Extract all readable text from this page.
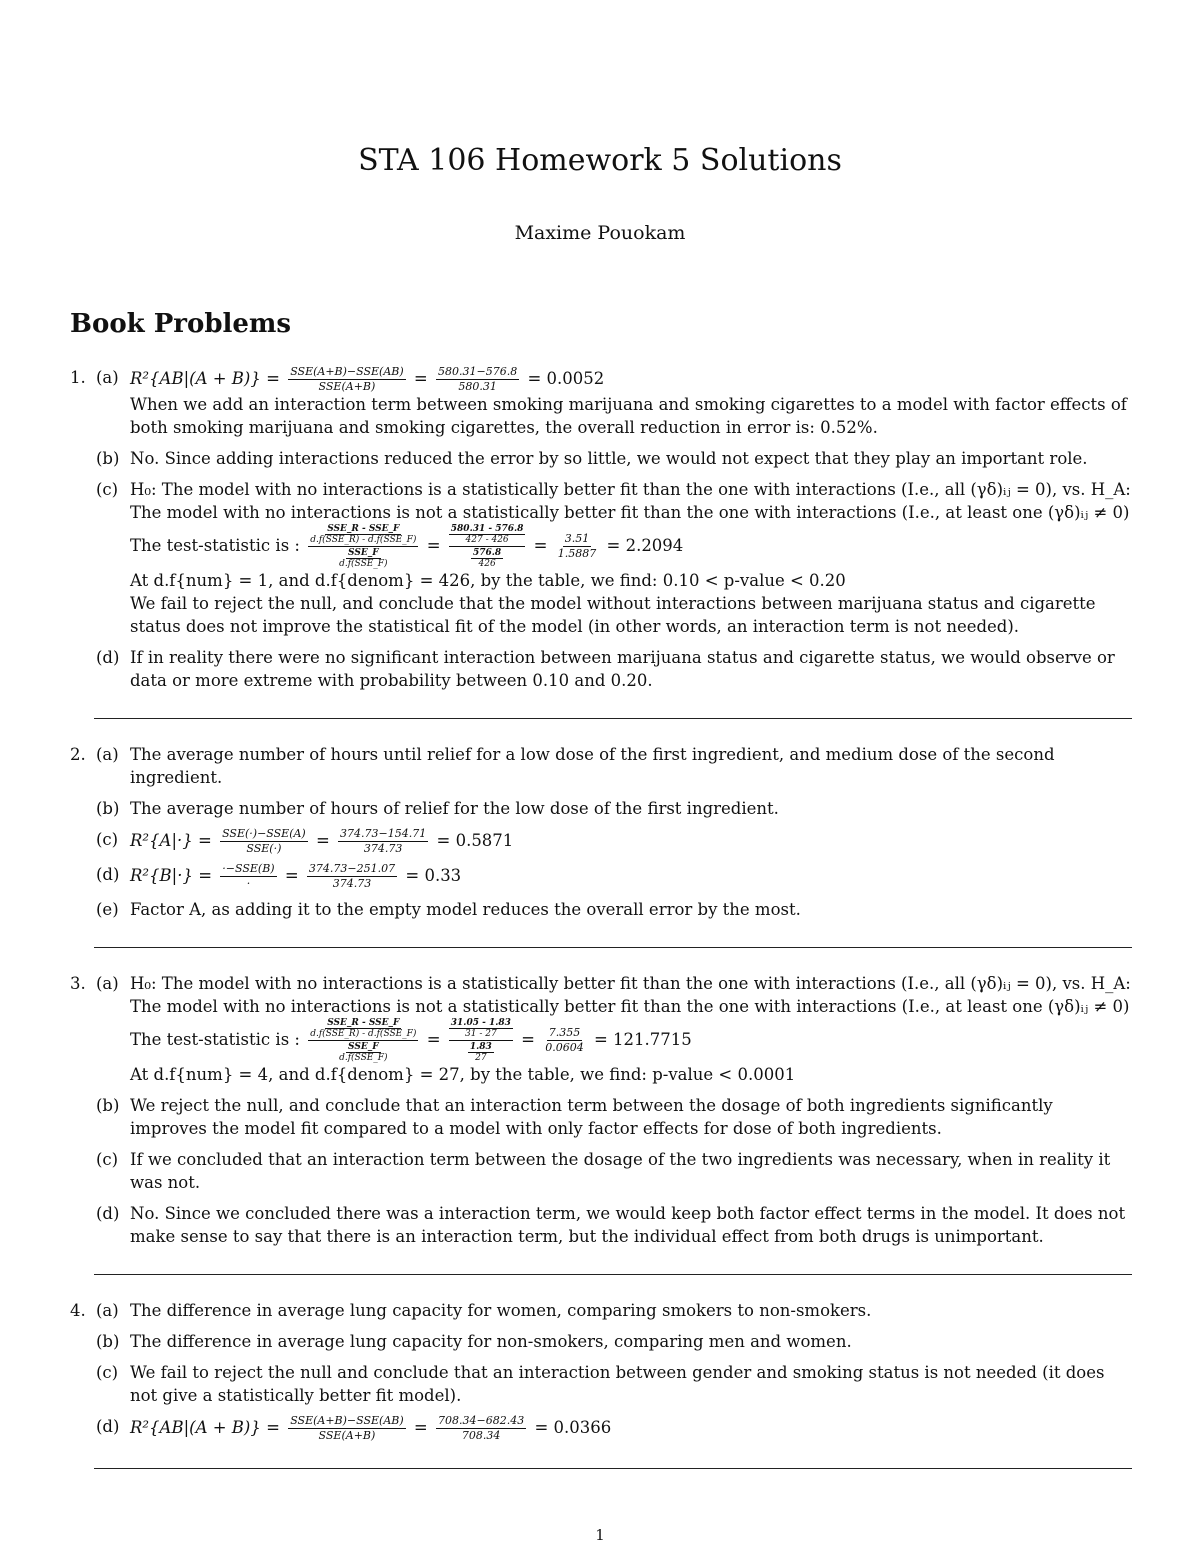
STA 106 Homework 5 Solutions
Maxime Pouokam
Book Problems
1. (a) $R^2\{AB|(A + B)\} = \frac{\text{SSE(A+B)−SSE(AB)}}{\text{SSE(A+B)}} = \frac{580.31-576.8}{580.31} = 0.0052$
When we add an interaction term between smoking marijuana and smoking cigarettes to a model with factor effects of both smoking marijuana and smoking cigarettes, the overall reduction in error is: 0.52%.
(b) No. Since adding interactions reduced the error by so little, we would not expect that they play an important role.
(c) H₀: The model with no interactions is a statistically better fit than the one with interactions (I.e., all (γδ)ᵢⱼ = 0), vs. H_A: The model with no interactions is not a statistically better fit than the one with interactions (I.e., at least one (γδ)ᵢⱼ ≠ 0)
The test-statistic is :
SSE_R - SSE_F
d.f(SSE_R) - d.f(SSE_F)
SSE_F
d.f(SSE_F)
= 580.31 - 576.8
427 - 426
576.8
$426 = \frac{3.51}{1.5887} = 2.2094$
At d.f{num} = 1, and d.f{denom} = 426, by the table, we find: 0.10 < p-value < 0.20
We fail to reject the null, and conclude that the model without interactions between marijuana status and cigarette status does not improve the statistical fit of the model (in other words, an interaction term is not needed).
(d) If in reality there were no significant interaction between marijuana status and cigarette status, we would observe or data or more extreme with probability between 0.10 and 0.20.
2. (a) The average number of hours until relief for a low dose of the first ingredient, and medium dose of the second ingredient.
(b) The average number of hours of relief for the low dose of the first ingredient.
(c) $R^2\{A|\cdot\} = \frac{\text{SSE(·)−SSE(A)}}{\text{SSE(·)}} = \frac{374.73-154.71}{374.73} = 0.5871$
(d) $R^2\{B|\cdot\} = \frac{\text{·−SSE(B)}}{\cdot} = \frac{374.73-251.07}{374.73} = 0.33$
(e) Factor A, as adding it to the empty model reduces the overall error by the most.
3. (a) H₀: The model with no interactions is a statistically better fit than the one with interactions (I.e., all (γδ)ᵢⱼ = 0), vs. H_A: The model with no interactions is not a statistically better fit than the one with interactions (I.e., at least one (γδ)ᵢⱼ ≠ 0)
The test-statistic is :
SSE_R - SSE_F
d.f(SSE_R) - d.f(SSE_F)
SSE_F
d.f(SSE_F)
= 31.05 - 1.83
31 - 27
1.83
$27 = \frac{7.355}{0.0604} = 121.7715$
At d.f{num} = 4, and d.f{denom} = 27, by the table, we find: p-value < 0.0001
(b) We reject the null, and conclude that an interaction term between the dosage of both ingredients significantly improves the model fit compared to a model with only factor effects for dose of both ingredients.
(c) If we concluded that an interaction term between the dosage of the two ingredients was necessary, when in reality it was not.
(d) No. Since we concluded there was a interaction term, we would keep both factor effect terms in the model. It does not make sense to say that there is an interaction term, but the individual effect from both drugs is unimportant.
4. (a) The difference in average lung capacity for women, comparing smokers to non-smokers.
(b) The difference in average lung capacity for non-smokers, comparing men and women.
(c) We fail to reject the null and conclude that an interaction between gender and smoking status is not needed (it does not give a statistically better fit model).
(d) $R^2\{AB|(A + B)\} = \frac{\text{SSE(A+B)−SSE(AB)}}{\text{SSE(A+B)}} = \frac{708.34-682.43}{708.34} = 0.0366$
1
